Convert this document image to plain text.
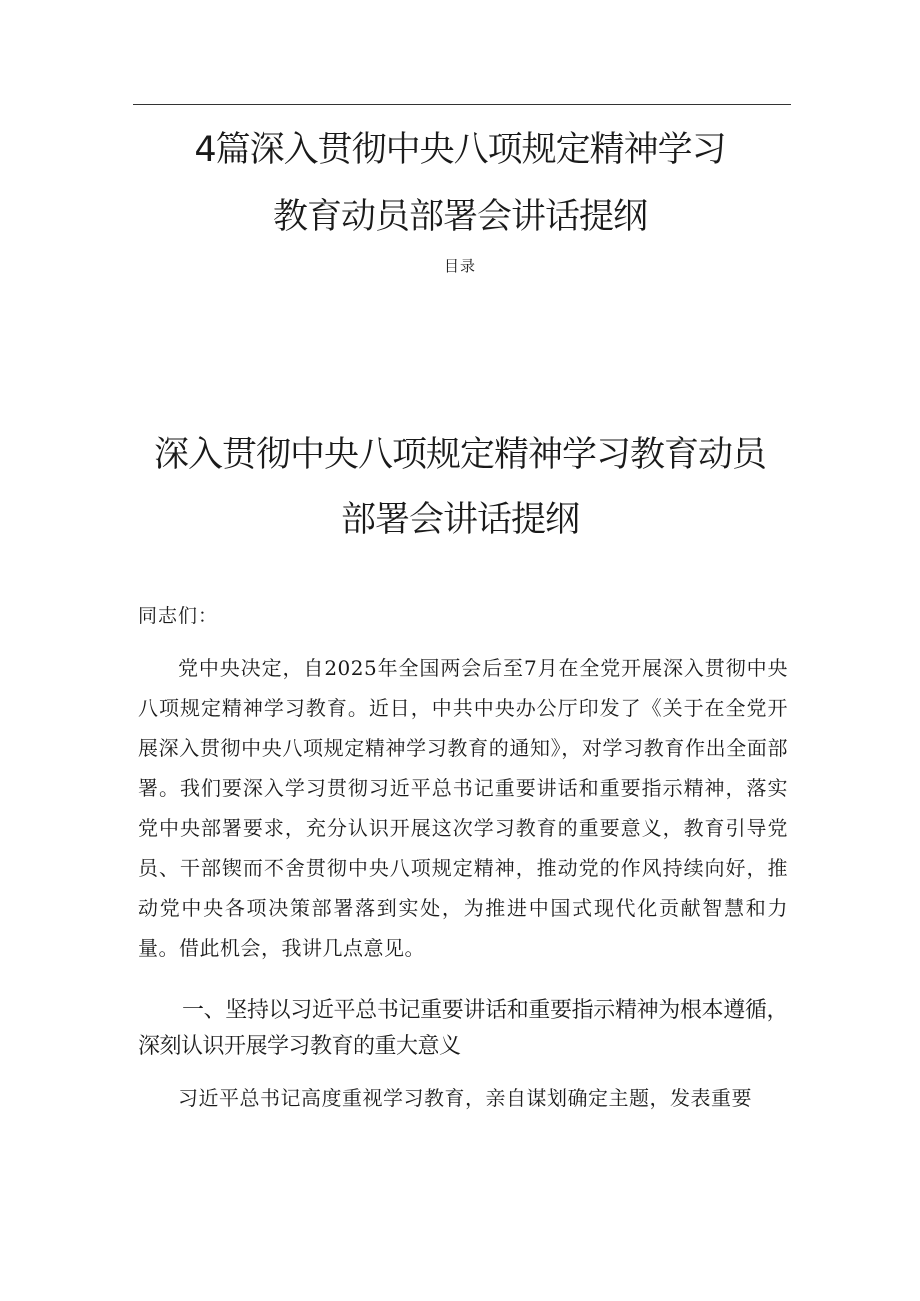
4篇深入贯彻中央八项规定精神学习
教育动员部署会讲话提纲
目录
深入贯彻中央八项规定精神学习教育动员
部署会讲话提纲
同志们：
党中央决定，自2025年全国两会后至7月在全党开展深入贯彻中央八项规定精神学习教育。近日，中共中央办公厅印发了《关于在全党开展深入贯彻中央八项规定精神学习教育的通知》，对学习教育作出全面部署。我们要深入学习贯彻习近平总书记重要讲话和重要指示精神，落实党中央部署要求，充分认识开展这次学习教育的重要意义，教育引导党员、干部锲而不舍贯彻中央八项规定精神，推动党的作风持续向好，推动党中央各项决策部署落到实处，为推进中国式现代化贡献智慧和力量。借此机会，我讲几点意见。
一、坚持以习近平总书记重要讲话和重要指示精神为根本遵循，深刻认识开展学习教育的重大意义
习近平总书记高度重视学习教育，亲自谋划确定主题，发表重要
